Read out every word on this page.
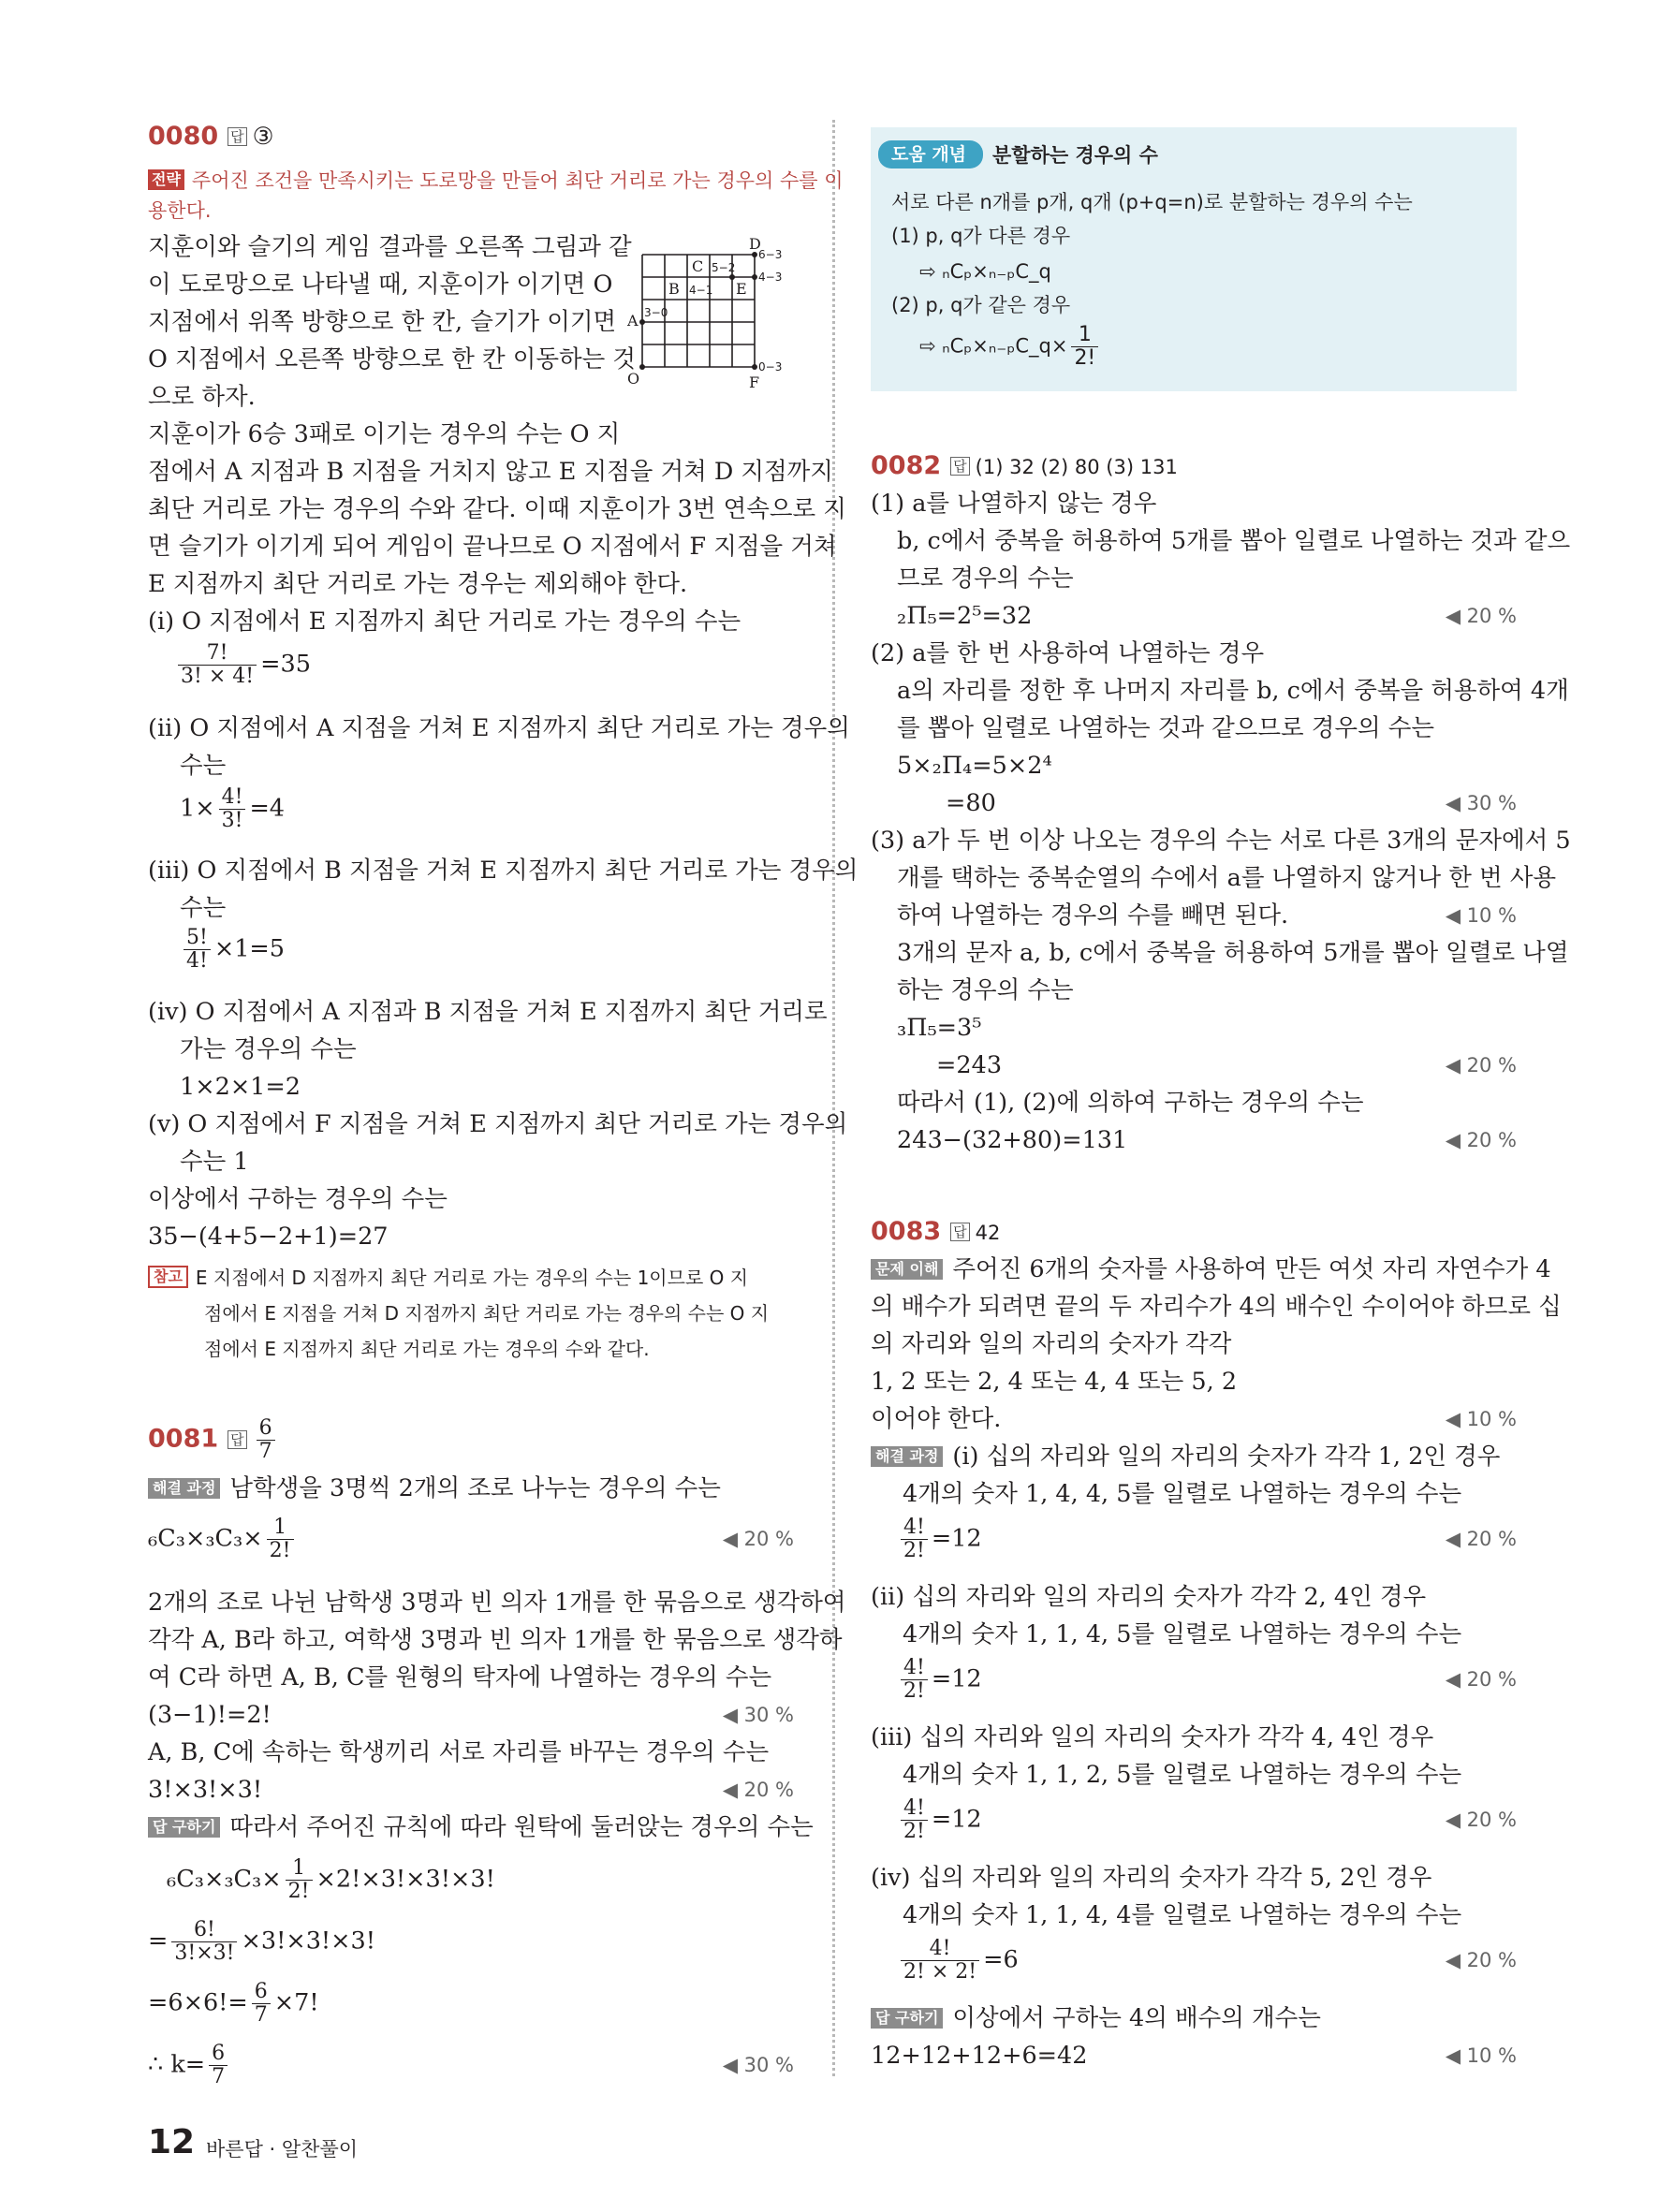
0080 답 ③
전략 주어진 조건을 만족시키는 도로망을 만들어 최단 거리로 가는 경우의 수를 이
용한다.
지훈이와 슬기의 게임 결과를 오른쪽 그림과 같
이 도로망으로 나타낼 때, 지훈이가 이기면 O
지점에서 위쪽 방향으로 한 칸, 슬기가 이기면
O 지점에서 오른쪽 방향으로 한 칸 이동하는 것
으로 하자.
지훈이가 6승 3패로 이기는 경우의 수는 O 지
점에서 A 지점과 B 지점을 거치지 않고 E 지점을 거쳐 D 지점까지
최단 거리로 가는 경우의 수와 같다. 이때 지훈이가 3번 연속으로 지
면 슬기가 이기게 되어 게임이 끝나므로 O 지점에서 F 지점을 거쳐
E 지점까지 최단 거리로 가는 경우는 제외해야 한다.
(ⅰ) O 지점에서 E 지점까지 최단 거리로 가는 경우의 수는
$\frac{7!}{3! \times 4!} =35$
(ⅱ) O 지점에서 A 지점을 거쳐 E 지점까지 최단 거리로 가는 경우의
수는
$1\times \frac{4!}{3!} =4$
(ⅲ) O 지점에서 B 지점을 거쳐 E 지점까지 최단 거리로 가는 경우의
수는
$\frac{5!}{4!} \times 1=5$
(ⅳ) O 지점에서 A 지점과 B 지점을 거쳐 E 지점까지 최단 거리로
가는 경우의 수는
1×2×1=2
(ⅴ) O 지점에서 F 지점을 거쳐 E 지점까지 최단 거리로 가는 경우의
수는 1
이상에서 구하는 경우의 수는
35−(4+5−2+1)=27
참고 E 지점에서 D 지점까지 최단 거리로 가는 경우의 수는 1이므로 O 지
점에서 E 지점을 거쳐 D 지점까지 최단 거리로 가는 경우의 수는 O 지
점에서 E 지점까지 최단 거리로 가는 경우의 수와 같다.
D
C
B	E
A
O	F
6−3
5−2
4−1
4−3
3−0
0−3
0081 답 $\frac{6}{7}$
해결 과정 남학생을 3명씩 2개의 조로 나누는 경우의 수는
$_6C_3\times_3C_3\times \frac{1}{2!}$	◀ 20 %
2개의 조로 나뉜 남학생 3명과 빈 의자 1개를 한 묶음으로 생각하여
각각 A, B라 하고, 여학생 3명과 빈 의자 1개를 한 묶음으로 생각하
여 C라 하면 A, B, C를 원형의 탁자에 나열하는 경우의 수는
(3−1)!=2!	◀ 30 %
A, B, C에 속하는 학생끼리 서로 자리를 바꾸는 경우의 수는
3!×3!×3!	◀ 20 %
답 구하기 따라서 주어진 규칙에 따라 원탁에 둘러앉는 경우의 수는
$_6C_3\times_3C_3\times \frac{1}{2!} \times 2!\times 3!\times 3!\times 3$!
= $\frac{6!}{3!\times 3!} \times 3!\times 3!\times 3$!
$=6\times 6!= \frac{6}{7} \times 7$!
∴ $k= \frac{6}{7}$	◀ 30 %
도움 개념	분할하는 경우의 수
서로 다른 n개를 p개, q개 (p+q=n)로 분할하는 경우의 수는
(1) p, q가 다른 경우
⇨ ₙCₚ×ₙ₋ₚC_q
(2) p, q가 같은 경우
⇨ ₙCₚ×ₙ₋ₚC_q× $\frac{1}{2!}$
0082 답 (1) 32 (2) 80 (3) 131
(1) a를 나열하지 않는 경우
b, c에서 중복을 허용하여 5개를 뽑아 일렬로 나열하는 것과 같으
므로 경우의 수는
₂Π₅=2⁵=32	◀ 20 %
(2) a를 한 번 사용하여 나열하는 경우
a의 자리를 정한 후 나머지 자리를 b, c에서 중복을 허용하여 4개
를 뽑아 일렬로 나열하는 것과 같으므로 경우의 수는
5×₂Π₄=5×2⁴
=80	◀ 30 %
(3) a가 두 번 이상 나오는 경우의 수는 서로 다른 3개의 문자에서 5
개를 택하는 중복순열의 수에서 a를 나열하지 않거나 한 번 사용
하여 나열하는 경우의 수를 빼면 된다.	◀ 10 %
3개의 문자 a, b, c에서 중복을 허용하여 5개를 뽑아 일렬로 나열
하는 경우의 수는
₃Π₅=3⁵
=243	◀ 20 %
따라서 (1), (2)에 의하여 구하는 경우의 수는
243−(32+80)=131	◀ 20 %
0083 답 42
문제 이해 주어진 6개의 숫자를 사용하여 만든 여섯 자리 자연수가 4
의 배수가 되려면 끝의 두 자리수가 4의 배수인 수이어야 하므로 십
의 자리와 일의 자리의 숫자가 각각
1, 2 또는 2, 4 또는 4, 4 또는 5, 2
이어야 한다.	◀ 10 %
해결 과정 (ⅰ) 십의 자리와 일의 자리의 숫자가 각각 1, 2인 경우
4개의 숫자 1, 4, 4, 5를 일렬로 나열하는 경우의 수는
$\frac{4!}{2!} =12$	◀ 20 %
(ⅱ) 십의 자리와 일의 자리의 숫자가 각각 2, 4인 경우
4개의 숫자 1, 1, 4, 5를 일렬로 나열하는 경우의 수는
$\frac{4!}{2!} =12$	◀ 20 %
(ⅲ) 십의 자리와 일의 자리의 숫자가 각각 4, 4인 경우
4개의 숫자 1, 1, 2, 5를 일렬로 나열하는 경우의 수는
$\frac{4!}{2!} =12$	◀ 20 %
(ⅳ) 십의 자리와 일의 자리의 숫자가 각각 5, 2인 경우
4개의 숫자 1, 1, 4, 4를 일렬로 나열하는 경우의 수는
$\frac{4!}{2! \times 2!} =6$	◀ 20 %
답 구하기 이상에서 구하는 4의 배수의 개수는
12+12+12+6=42	◀ 10 %
12 바른답 · 알찬풀이
